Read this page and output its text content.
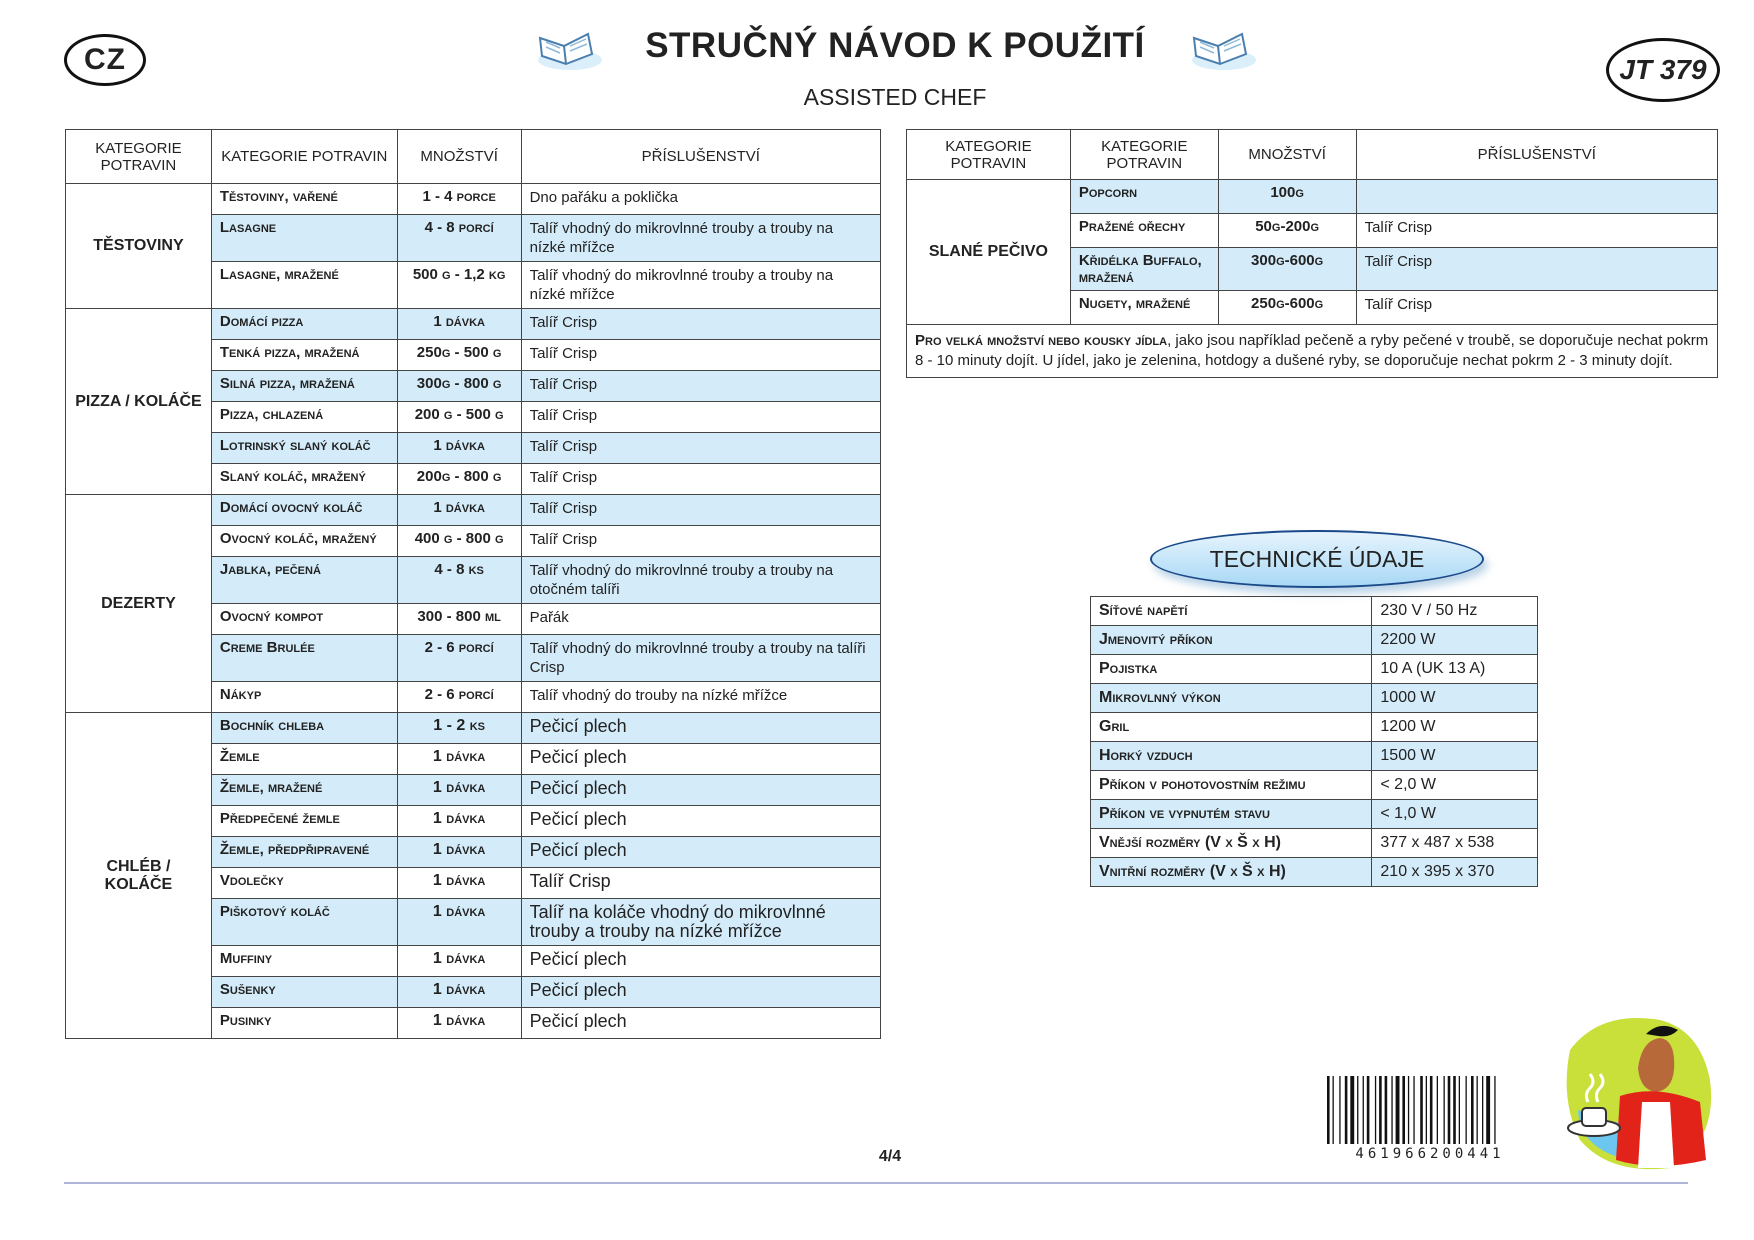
CZ	STRUČNÝ NÁVOD K POUŽITÍ
ASSISTED CHEF
JT 379
KATEGORIE POTRAVIN	KATEGORIE POTRAVIN	MNOŽSTVÍ	PŘÍSLUŠENSTVÍ
TĚSTOVINY	Těstoviny, vařené	1 - 4 porce	Dno pařáku a poklička
	Lasagne	4 - 8 porcí	Talíř vhodný do mikrovlnné trouby a trouby na nízké mřížce
	Lasagne, mražené	500 g - 1,2 kg	Talíř vhodný do mikrovlnné trouby a trouby na nízké mřížce
PIZZA / KOLÁČE	Domácí pizza	1 dávka	Talíř Crisp
	Tenká pizza, mražená	250g - 500 g	Talíř Crisp
	Silná pizza, mražená	300g - 800 g	Talíř Crisp
	Pizza, chlazená	200 g - 500 g	Talíř Crisp
	Lotrinský slaný koláč	1 dávka	Talíř Crisp
	Slaný koláč, mražený	200g - 800 g	Talíř Crisp
DEZERTY	Domácí ovocný koláč	1 dávka	Talíř Crisp
	Ovocný koláč, mražený	400 g - 800 g	Talíř Crisp
	Jablka, pečená	4 - 8 ks	Talíř vhodný do mikrovlnné trouby a trouby na otočném talíři
	Ovocný kompot	300 - 800 ml	Pařák
	Creme Brulée	2 - 6 porcí	Talíř vhodný do mikrovlnné trouby a trouby na talíři Crisp
	Nákyp	2 - 6 porcí	Talíř vhodný do trouby na nízké mřížce
CHLÉB / KOLÁČE	Bochník chleba	1 - 2 ks	Pečicí plech
	Žemle	1 dávka	Pečicí plech
	Žemle, mražené	1 dávka	Pečicí plech
	Předpečené žemle	1 dávka	Pečicí plech
	Žemle, předpřipravené	1 dávka	Pečicí plech
	Vdolečky	1 dávka	Talíř Crisp
	Piškotový koláč	1 dávka	Talíř na koláče vhodný do mikrovlnné trouby a trouby na nízké mřížce
	Muffiny	1 dávka	Pečicí plech
	Sušenky	1 dávka	Pečicí plech
	Pusinky	1 dávka	Pečicí plech
KATEGORIE POTRAVIN	KATEGORIE POTRAVIN	MNOŽSTVÍ	PŘÍSLUŠENSTVÍ
SLANÉ PEČIVO	Popcorn	100g	
	Pražené ořechy	50g-200g	Talíř Crisp
	Křidélka Buffalo, mražená	300g-600g	Talíř Crisp
	Nugety, mražené	250g-600g	Talíř Crisp
Pro velká množství nebo kousky jídla, jako jsou například pečeně a ryby pečené v troubě, se doporučuje nechat pokrm 8 - 10 minuty dojít. U jídel, jako je zelenina, hotdogy a dušené ryby, se doporučuje nechat pokrm 2 - 3 minuty dojít.			
TECHNICKÉ ÚDAJE
Síťové napětí	230 V / 50 Hz
Jmenovitý příkon	2200 W
Pojistka	10 A (UK 13 A)
Mikrovlnný výkon	1000 W
Gril	1200 W
Horký vzduch	1500 W
Příkon v pohotovostním režimu	< 2,0 W
Příkon ve vypnutém stavu	< 1,0 W
Vnější rozměry (V x Š x H)	377 x 487 x 538
Vnitřní rozměry (V x Š x H)	210 x 395 x 370
4/4	461966200441
